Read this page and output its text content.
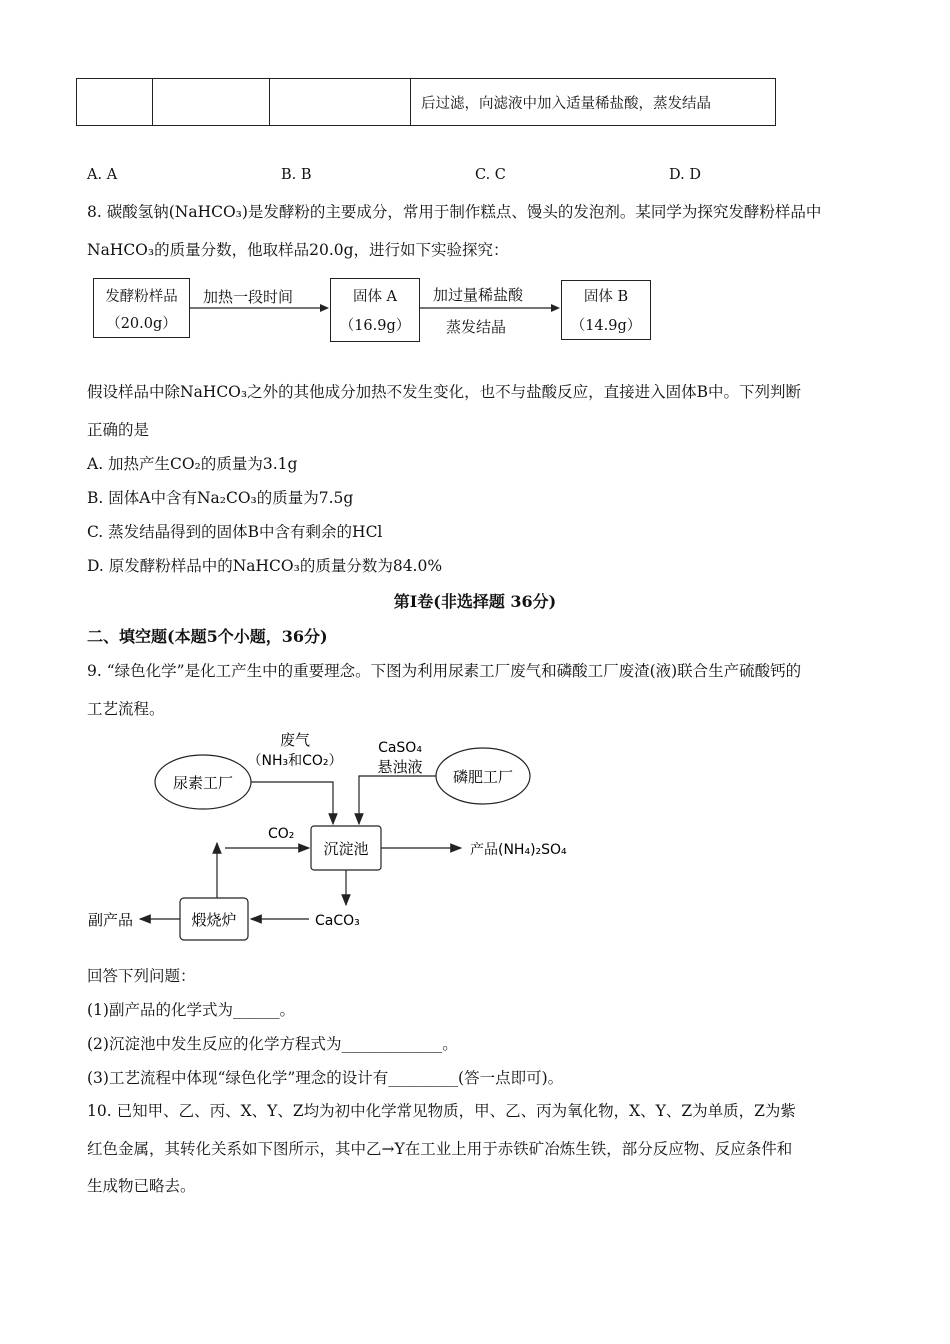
			后过滤，向滤液中加入适量稀盐酸，蒸发结晶
A. A	B. B	C. C	D. D
8. 碳酸氢钠(NaHCO₃)是发酵粉的主要成分，常用于制作糕点、馒头的发泡剂。某同学为探究发酵粉样品中
NaHCO₃的质量分数，他取样品20.0g，进行如下实验探究：
发酵粉样品
（20.0g）
加热一段时间	固体 A
（16.9g）
加过量稀盐酸
蒸发结晶
固体 B
（14.9g）
假设样品中除NaHCO₃之外的其他成分加热不发生变化，也不与盐酸反应，直接进入固体B中。下列判断
正确的是
A. 加热产生CO₂的质量为3.1g
B. 固体A中含有Na₂CO₃的质量为7.5g
C. 蒸发结晶得到的固体B中含有剩余的HCl
D. 原发酵粉样品中的NaHCO₃的质量分数为84.0%
第Ⅰ卷(非选择题 36分)
二、填空题(本题5个小题，36分)
9. “绿色化学”是化工产生中的重要理念。下图为利用尿素工厂废气和磷酸工厂废渣(液)联合生产硫酸钙的
工艺流程。
尿素工厂	磷肥工厂
废气
（NH₃和CO₂）
CaSO₄
悬浊液
沉淀池
煅烧炉
产品(NH₄)₂SO₄
CaCO₃
CO₂
副产品
回答下列问题：
(1)副产品的化学式为______。
(2)沉淀池中发生反应的化学方程式为_____________。
(3)工艺流程中体现“绿色化学”理念的设计有_________(答一点即可)。
10. 已知甲、乙、丙、X、Y、Z均为初中化学常见物质，甲、乙、丙为氧化物，X、Y、Z为单质，Z为紫
红色金属，其转化关系如下图所示，其中乙→Y在工业上用于赤铁矿冶炼生铁，部分反应物、反应条件和
生成物已略去。
